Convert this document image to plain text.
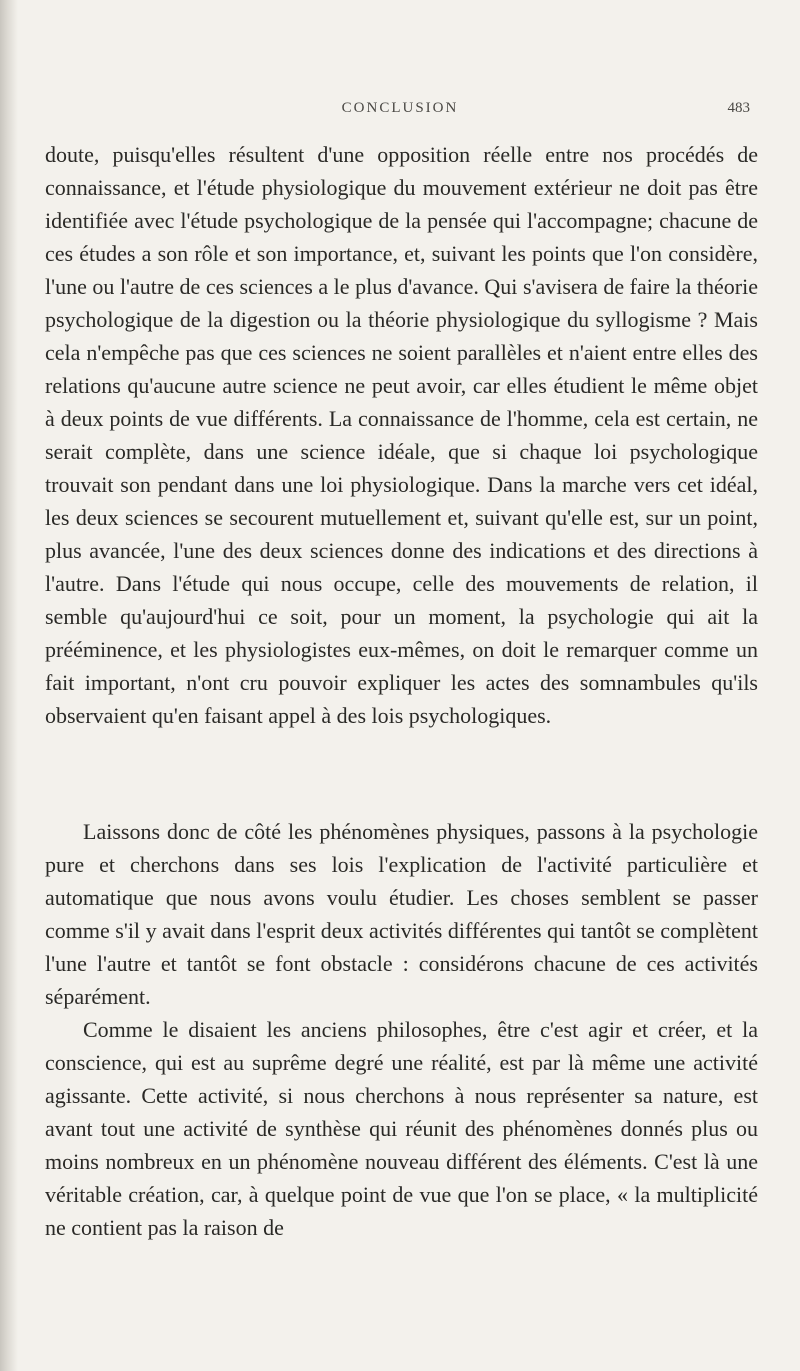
CONCLUSION	483

doute, puisqu'elles résultent d'une opposition réelle entre nos procédés de connaissance, et l'étude physiologique du mouvement extérieur ne doit pas être identifiée avec l'étude psychologique de la pensée qui l'accompagne; chacune de ces études a son rôle et son importance, et, suivant les points que l'on considère, l'une ou l'autre de ces sciences a le plus d'avance. Qui s'avisera de faire la théorie psychologique de la digestion ou la théorie physiologique du syllogisme ? Mais cela n'empêche pas que ces sciences ne soient parallèles et n'aient entre elles des relations qu'aucune autre science ne peut avoir, car elles étudient le même objet à deux points de vue différents. La connaissance de l'homme, cela est certain, ne serait complète, dans une science idéale, que si chaque loi psychologique trouvait son pendant dans une loi physiologique. Dans la marche vers cet idéal, les deux sciences se secourent mutuellement et, suivant qu'elle est, sur un point, plus avancée, l'une des deux sciences donne des indications et des directions à l'autre. Dans l'étude qui nous occupe, celle des mouvements de relation, il semble qu'aujourd'hui ce soit, pour un moment, la psychologie qui ait la prééminence, et les physiologistes eux-mêmes, on doit le remarquer comme un fait important, n'ont cru pouvoir expliquer les actes des somnambules qu'ils observaient qu'en faisant appel à des lois psychologiques.

Laissons donc de côté les phénomènes physiques, passons à la psychologie pure et cherchons dans ses lois l'explication de l'activité particulière et automatique que nous avons voulu étudier. Les choses semblent se passer comme s'il y avait dans l'esprit deux activités différentes qui tantôt se complètent l'une l'autre et tantôt se font obstacle : considérons chacune de ces activités séparément.

Comme le disaient les anciens philosophes, être c'est agir et créer, et la conscience, qui est au suprême degré une réalité, est par là même une activité agissante. Cette activité, si nous cherchons à nous représenter sa nature, est avant tout une activité de synthèse qui réunit des phénomènes donnés plus ou moins nombreux en un phénomène nouveau différent des éléments. C'est là une véritable création, car, à quelque point de vue que l'on se place, « la multiplicité ne contient pas la raison de
